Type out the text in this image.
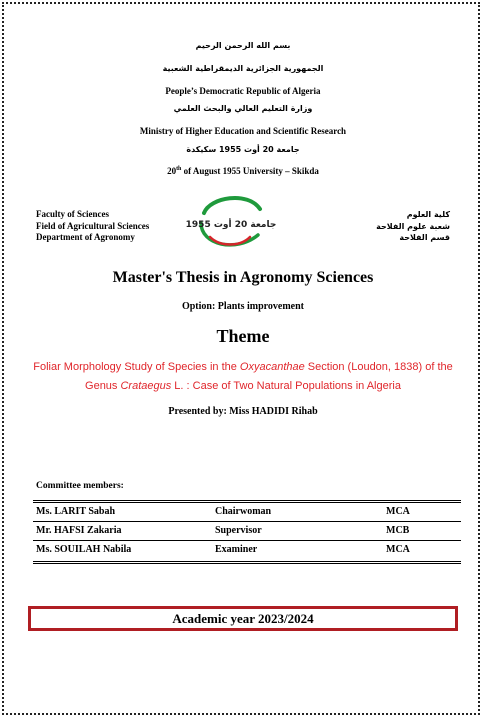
بسم الله الرحمن الرحيم
الجمهورية الجزائرية الديمقراطية الشعبية
People’s Democratic Republic of Algeria
وزارة التعليم العالي والبحث العلمي
Ministry of Higher Education and Scientific Research
جامعة 20 أوت 1955 سكيكدة
20th of August 1955 University – Skikda
Faculty of Sciences
Field of Agricultural Sciences
Department of Agronomy
جامعة 20 أوت 1955
كلية العلوم
شعبة علوم الفلاحة
قسم الفلاحة
Master's Thesis in Agronomy Sciences
Option: Plants improvement
Theme
Foliar Morphology Study of Species in the Oxyacanthae Section (Loudon, 1838) of the Genus Crataegus L. : Case of Two Natural Populations in Algeria
Presented by: Miss HADIDI Rihab
Committee members:
Ms. LARIT Sabah	Chairwoman	MCA
Mr. HAFSI Zakaria	Supervisor	MCB
Ms. SOUILAH Nabila	Examiner	MCA
Academic year 2023/2024
